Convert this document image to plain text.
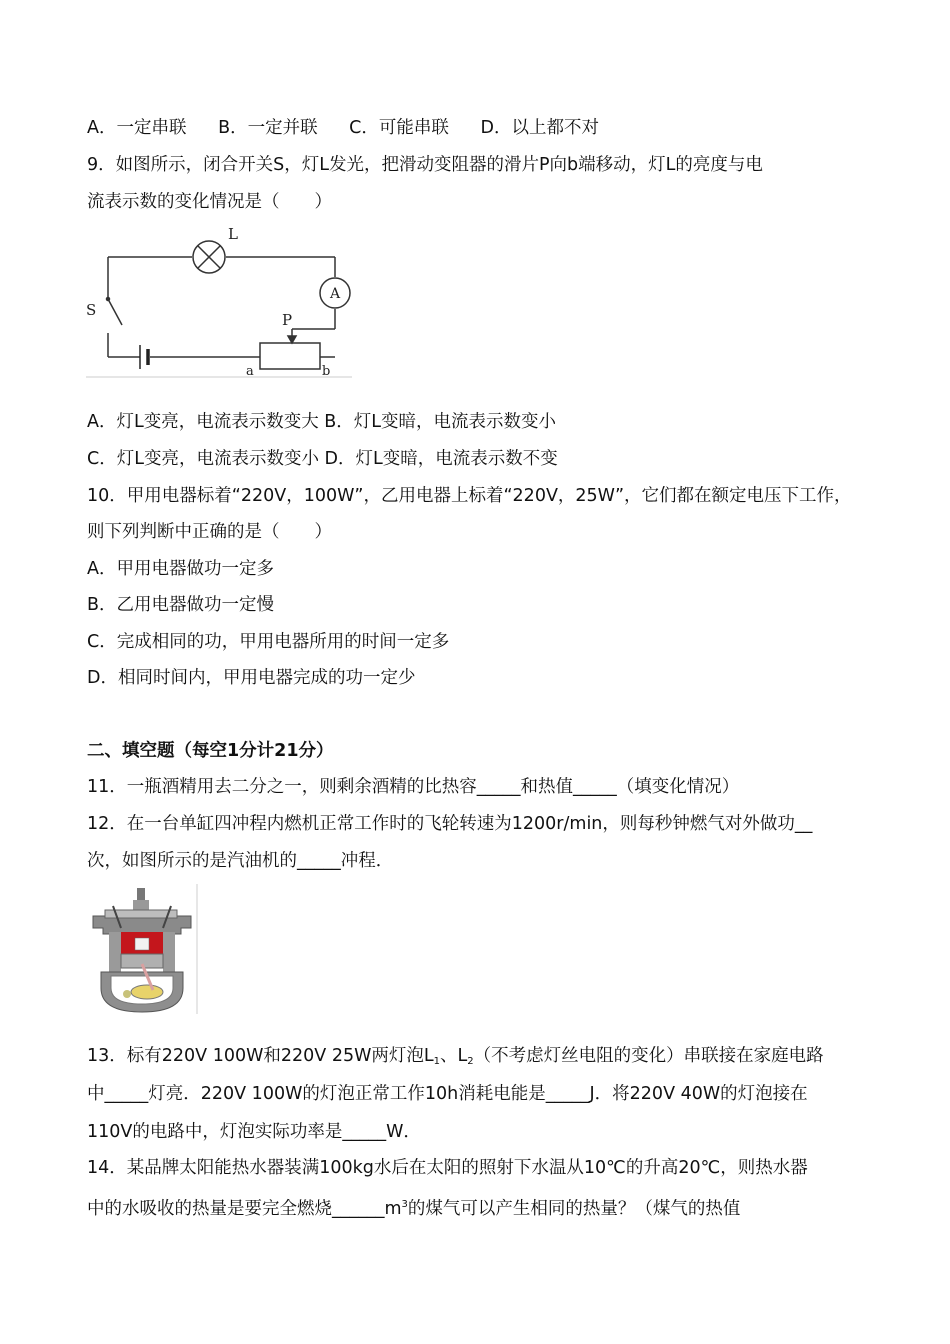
A．一定串联 B．一定并联 C．可能串联 D．以上都不对
9．如图所示，闭合开关S，灯L发光，把滑动变阻器的滑片P向b端移动，灯L的亮度与电
流表示数的变化情况是（　　）
L
A
S
P
a	b
A．灯L变亮，电流表示数变大 B．灯L变暗，电流表示数变小
C．灯L变亮，电流表示数变小 D．灯L变暗，电流表示数不变
10．甲用电器标着“220V，100W”，乙用电器上标着“220V，25W”，它们都在额定电压下工作，
则下列判断中正确的是（　　）
A．甲用电器做功一定多
B．乙用电器做功一定慢
C．完成相同的功，甲用电器所用的时间一定多
D．相同时间内，甲用电器完成的功一定少
二、填空题（每空1分计21分）
11．一瓶酒精用去二分之一，则剩余酒精的比热容_____和热值_____（填变化情况）
12．在一台单缸四冲程内燃机正常工作时的飞轮转速为1200r/min，则每秒钟燃气对外做功__
次，如图所示的是汽油机的_____冲程．
13．标有220V 100W和220V 25W两灯泡$L_1$、$L_2$（不考虑灯丝电阻的变化）串联接在家庭电路
中_____灯亮．220V 100W的灯泡正常工作10h消耗电能是_____J．将220V 40W的灯泡接在
110V的电路中，灯泡实际功率是_____W．
14．某品牌太阳能热水器装满100kg水后在太阳的照射下水温从10℃的升高20℃，则热水器
中的水吸收的热量是要完全燃烧$\_\_\_\_\_\_m^3$的煤气可以产生相同的热量？（煤气的热值
